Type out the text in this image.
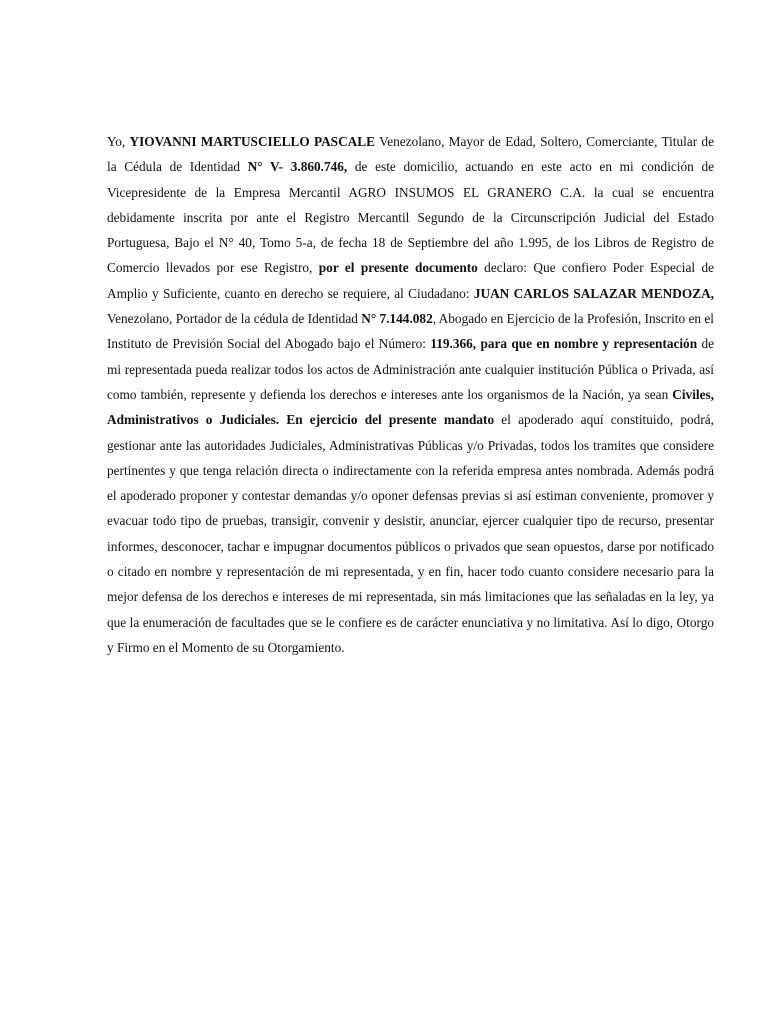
Yo, YIOVANNI MARTUSCIELLO PASCALE Venezolano, Mayor de Edad, Soltero, Comerciante, Titular de la Cédula de Identidad N° V- 3.860.746, de este domicilio, actuando en este acto en mi condición de Vicepresidente de la Empresa Mercantil AGRO INSUMOS EL GRANERO C.A. la cual se encuentra debidamente inscrita por ante el Registro Mercantil Segundo de la Circunscripción Judicial del Estado Portuguesa, Bajo el N° 40, Tomo 5-a, de fecha 18 de Septiembre del año 1.995, de los Libros de Registro de Comercio llevados por ese Registro, por el presente documento declaro: Que confiero Poder Especial de Amplio y Suficiente, cuanto en derecho se requiere, al Ciudadano: JUAN CARLOS SALAZAR MENDOZA, Venezolano, Portador de la cédula de Identidad N° 7.144.082, Abogado en Ejercicio de la Profesión, Inscrito en el Instituto de Previsión Social del Abogado bajo el Número: 119.366, para que en nombre y representación de mi representada pueda realizar todos los actos de Administración ante cualquier institución Pública o Privada, así como también, represente y defienda los derechos e intereses ante los organismos de la Nación, ya sean Civiles, Administrativos o Judiciales. En ejercicio del presente mandato el apoderado aquí constituido, podrá, gestionar ante las autoridades Judiciales, Administrativas Públicas y/o Privadas, todos los tramites que considere pertinentes y que tenga relación directa o indirectamente con la referida empresa antes nombrada. Además podrá el apoderado proponer y contestar demandas y/o oponer defensas previas si así estiman conveniente, promover y evacuar todo tipo de pruebas, transigir, convenir y desistir, anunciar, ejercer cualquier tipo de recurso, presentar informes, desconocer, tachar e impugnar documentos públicos o privados que sean opuestos, darse por notificado o citado en nombre y representación de mi representada, y en fin, hacer todo cuanto considere necesario para la mejor defensa de los derechos e intereses de mi representada, sin más limitaciones que las señaladas en la ley, ya que la enumeración de facultades que se le confiere es de carácter enunciativa y no limitativa. Así lo digo, Otorgo y Firmo en el Momento de su Otorgamiento.
